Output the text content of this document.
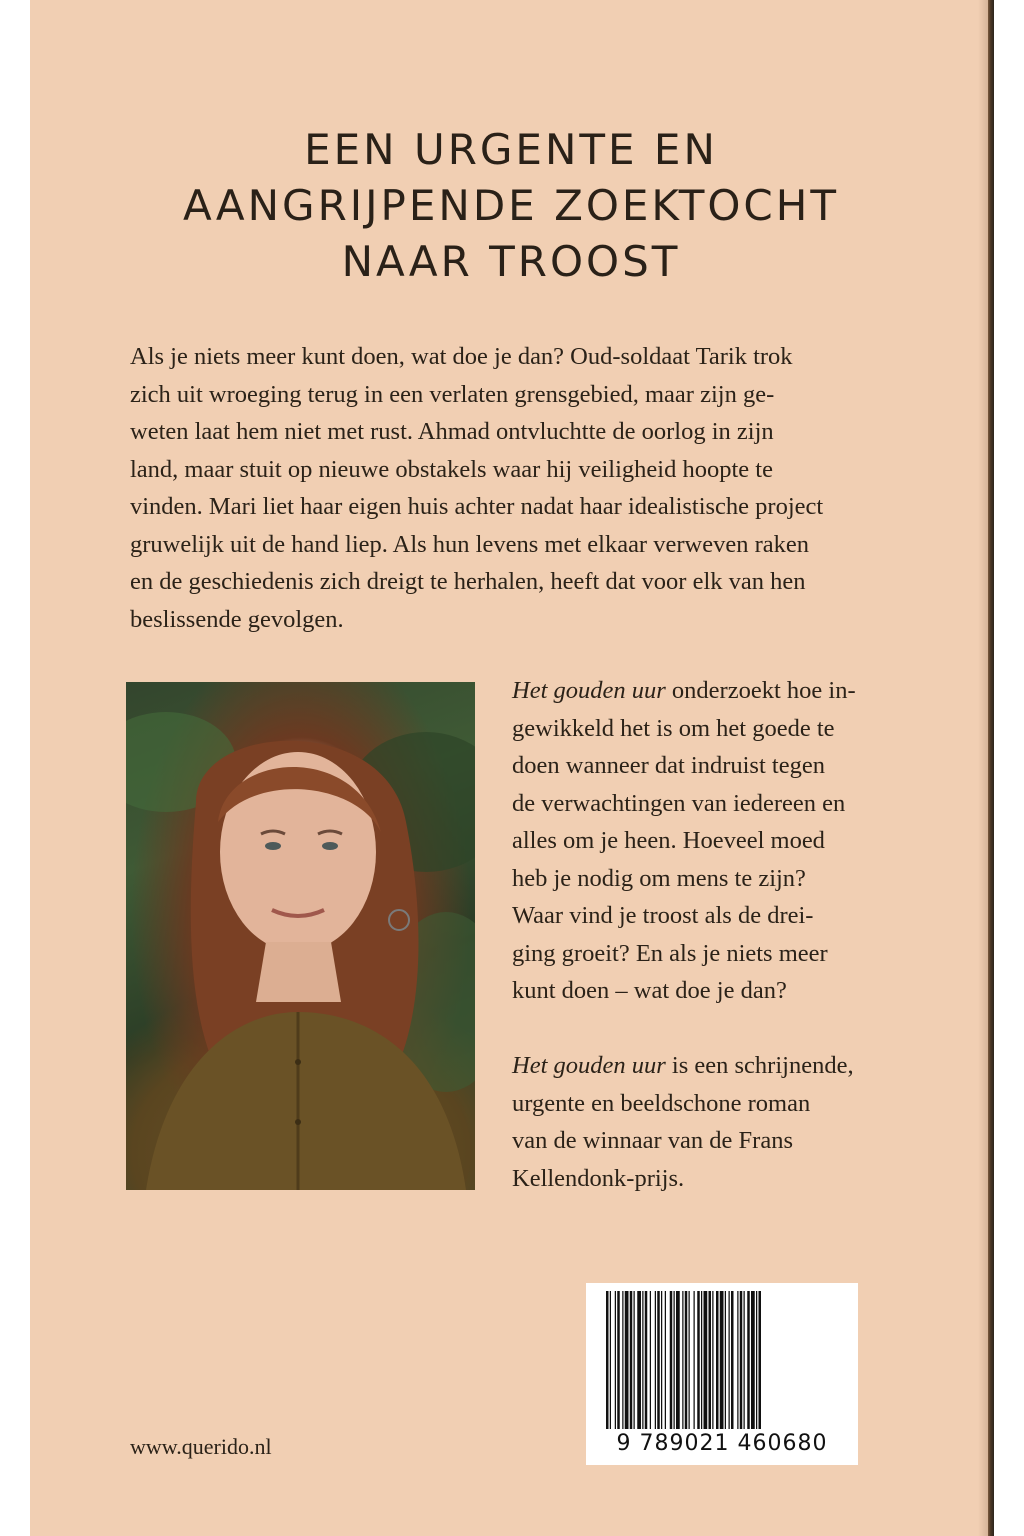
EEN URGENTE EN
AANGRIJPENDE ZOEKTOCHT
NAAR TROOST

Als je niets meer kunt doen, wat doe je dan? Oud-soldaat Tarik trok
zich uit wroeging terug in een verlaten grensgebied, maar zijn ge-
weten laat hem niet met rust. Ahmad ontvluchtte de oorlog in zijn
land, maar stuit op nieuwe obstakels waar hij veiligheid hoopte te
vinden. Mari liet haar eigen huis achter nadat haar idealistische project
gruwelijk uit de hand liep. Als hun levens met elkaar verweven raken
en de geschiedenis zich dreigt te herhalen, heeft dat voor elk van hen
beslissende gevolgen.

Het gouden uur onderzoekt hoe in-
gewikkeld het is om het goede te
doen wanneer dat indruist tegen
de verwachtingen van iedereen en
alles om je heen. Hoeveel moed
heb je nodig om mens te zijn?
Waar vind je troost als de drei-
ging groeit? En als je niets meer
kunt doen – wat doe je dan?

Het gouden uur is een schrijnende,
urgente en beeldschone roman
van de winnaar van de Frans
Kellendonk-prijs.

9 789021 460680
www.querido.nl
